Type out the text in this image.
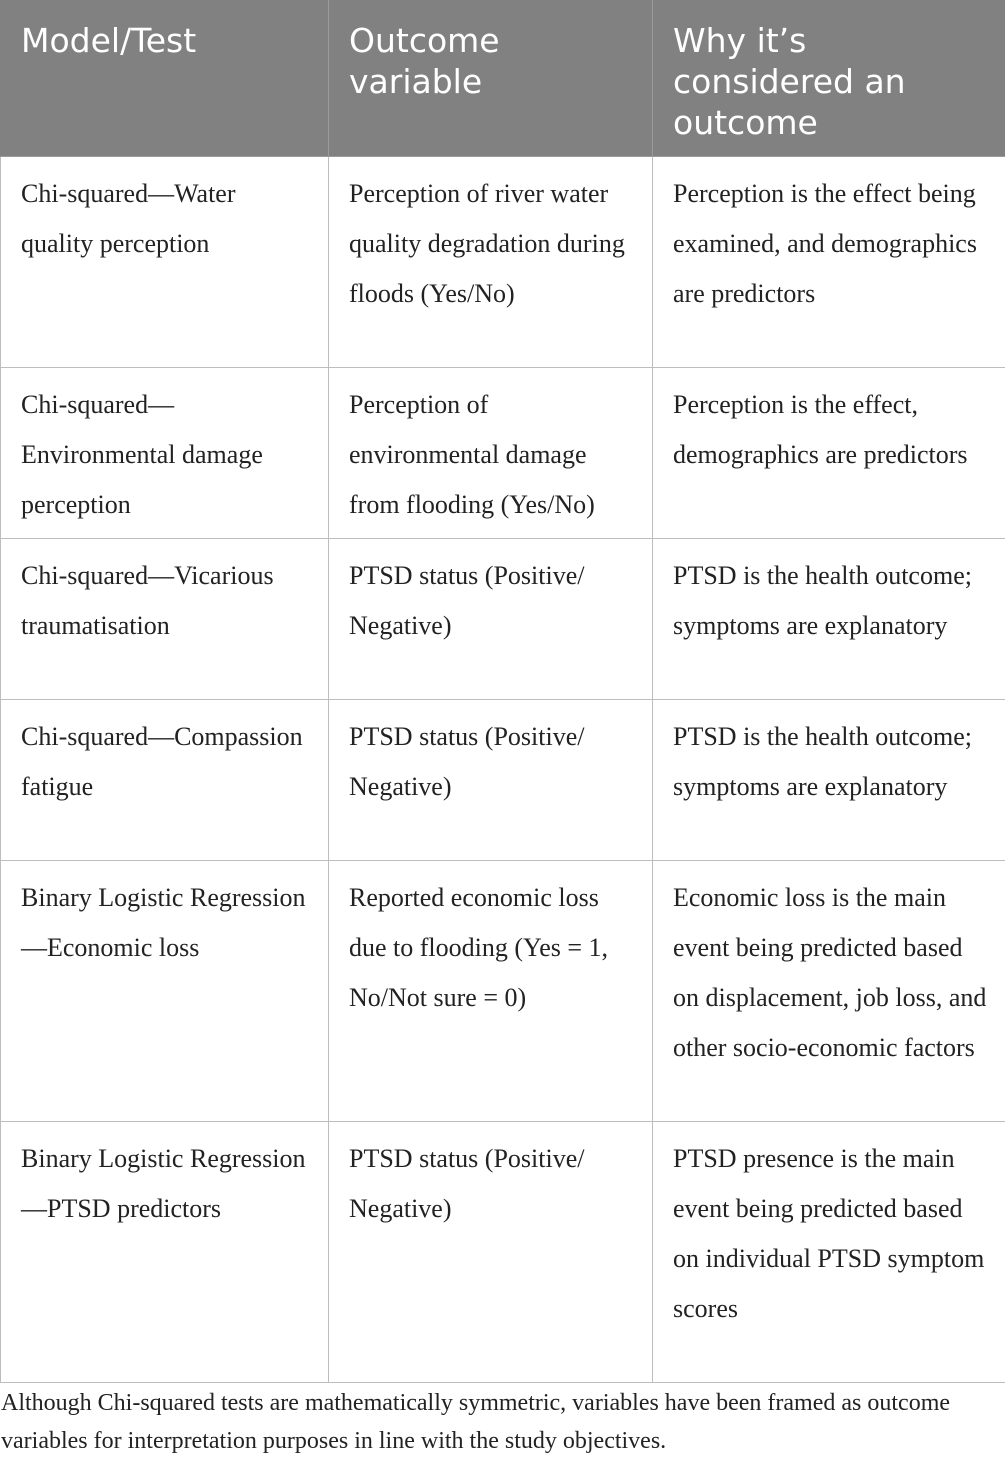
Model/Test	Outcome variable	Why it’s considered an outcome
Chi-squared—Water quality perception	Perception of river water quality degradation during floods (Yes/No)	Perception is the effect being examined, and demographics are predictors
Chi-squared—Environmental damage perception	Perception of environmental damage from flooding (Yes/No)	Perception is the effect, demographics are predictors
Chi-squared—Vicarious traumatisation	PTSD status (Positive/ Negative)	PTSD is the health outcome; symptoms are explanatory
Chi-squared—Compassion fatigue	PTSD status (Positive/ Negative)	PTSD is the health outcome; symptoms are explanatory
Binary Logistic Regression—Economic loss	Reported economic loss due to flooding (Yes = 1, No/Not sure = 0)	Economic loss is the main event being predicted based on displacement, job loss, and other socio-economic factors
Binary Logistic Regression—PTSD predictors	PTSD status (Positive/ Negative)	PTSD presence is the main event being predicted based on individual PTSD symptom scores

Although Chi-squared tests are mathematically symmetric, variables have been framed as outcome variables for interpretation purposes in line with the study objectives.
